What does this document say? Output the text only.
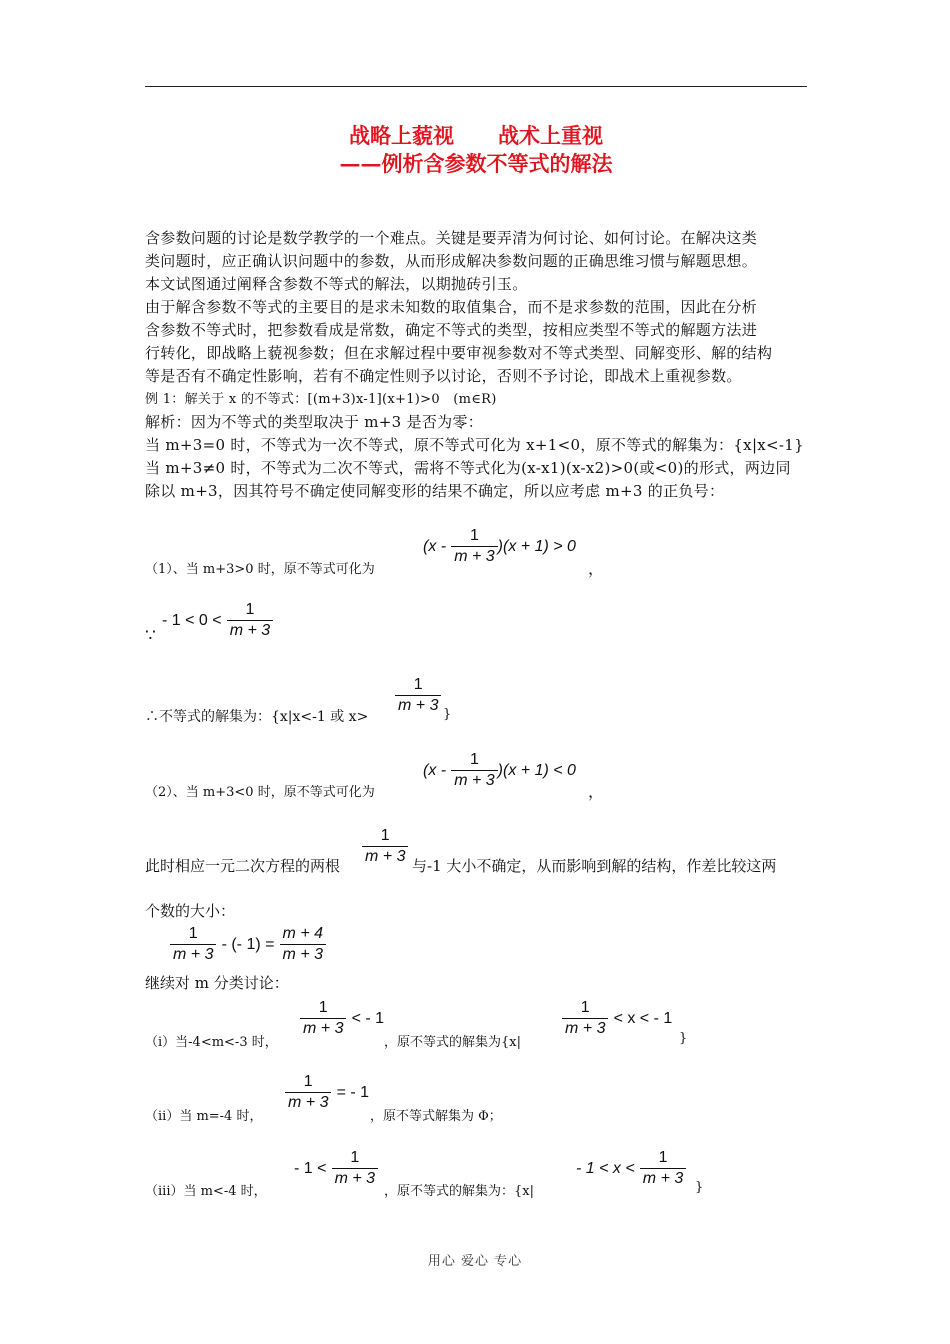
战略上藐视 战术上重视
——例析含参数不等式的解法
含参数问题的讨论是数学教学的一个难点。关键是要弄清为何讨论、如何讨论。在解决这类
类问题时，应正确认识问题中的参数，从而形成解决参数问题的正确思维习惯与解题思想。
本文试图通过阐释含参数不等式的解法，以期抛砖引玉。
由于解含参数不等式的主要目的是求未知数的取值集合，而不是求参数的范围，因此在分析
含参数不等式时，把参数看成是常数，确定不等式的类型，按相应类型不等式的解题方法进
行转化，即战略上藐视参数；但在求解过程中要审视参数对不等式类型、同解变形、解的结构
等是否有不确定性影响，若有不确定性则予以讨论，否则不予讨论，即战术上重视参数。
例 1：解关于 x 的不等式：[(m+3)x-1](x+1)>0　(m∈R)
解析：因为不等式的类型取决于 m+3 是否为零：
当 m+3=0 时，不等式为一次不等式，原不等式可化为 x+1<0，原不等式的解集为：{x|x<-1}
当 m+3≠0 时，不等式为二次不等式，需将不等式化为(x-x1)(x-x2)>0(或<0)的形式，两边同
除以 m+3，因其符号不确定使同解变形的结果不确定，所以应考虑 m+3 的正负号：
（1）、当 m+3>0 时，原不等式可化为
$(x - \frac{1}{m + 3} )(x + 1) > 0$
，
∵
- $1 < 0 < \frac{1}{m + 3}$
∴不等式的解集为：{x|x<-1 或 x>
$\frac{1}{m + 3}$ }
（2）、当 m+3<0 时，原不等式可化为
$(x - \frac{1}{m + 3} )(x + 1) < 0$
，
此时相应一元二次方程的两根 $\frac{1}{m + 3}$ 与-1 大小不确定，从而影响到解的结构，作差比较这两
个数的大小：
$\frac{1}{m + 3}$ - (- $1) = \frac{m + 4}{m + 3}$
继续对 m 分类讨论：
（i）当-4<m<-3 时，
$\frac{1}{m + 3}$ < - 1
，原不等式的解集为{x|
$\frac{1}{m + 3} < x$ < - 1
}
（ii）当 m=-4 时，
$\frac{1}{m + 3}$ = - 1
，原不等式解集为 Φ；
（iii）当 m<-4 时，
- $1 < \frac{1}{m + 3}$
，原不等式的解集为：{x|
- $1 < x < \frac{1}{m + 3}$ }
用心 爱心 专心
